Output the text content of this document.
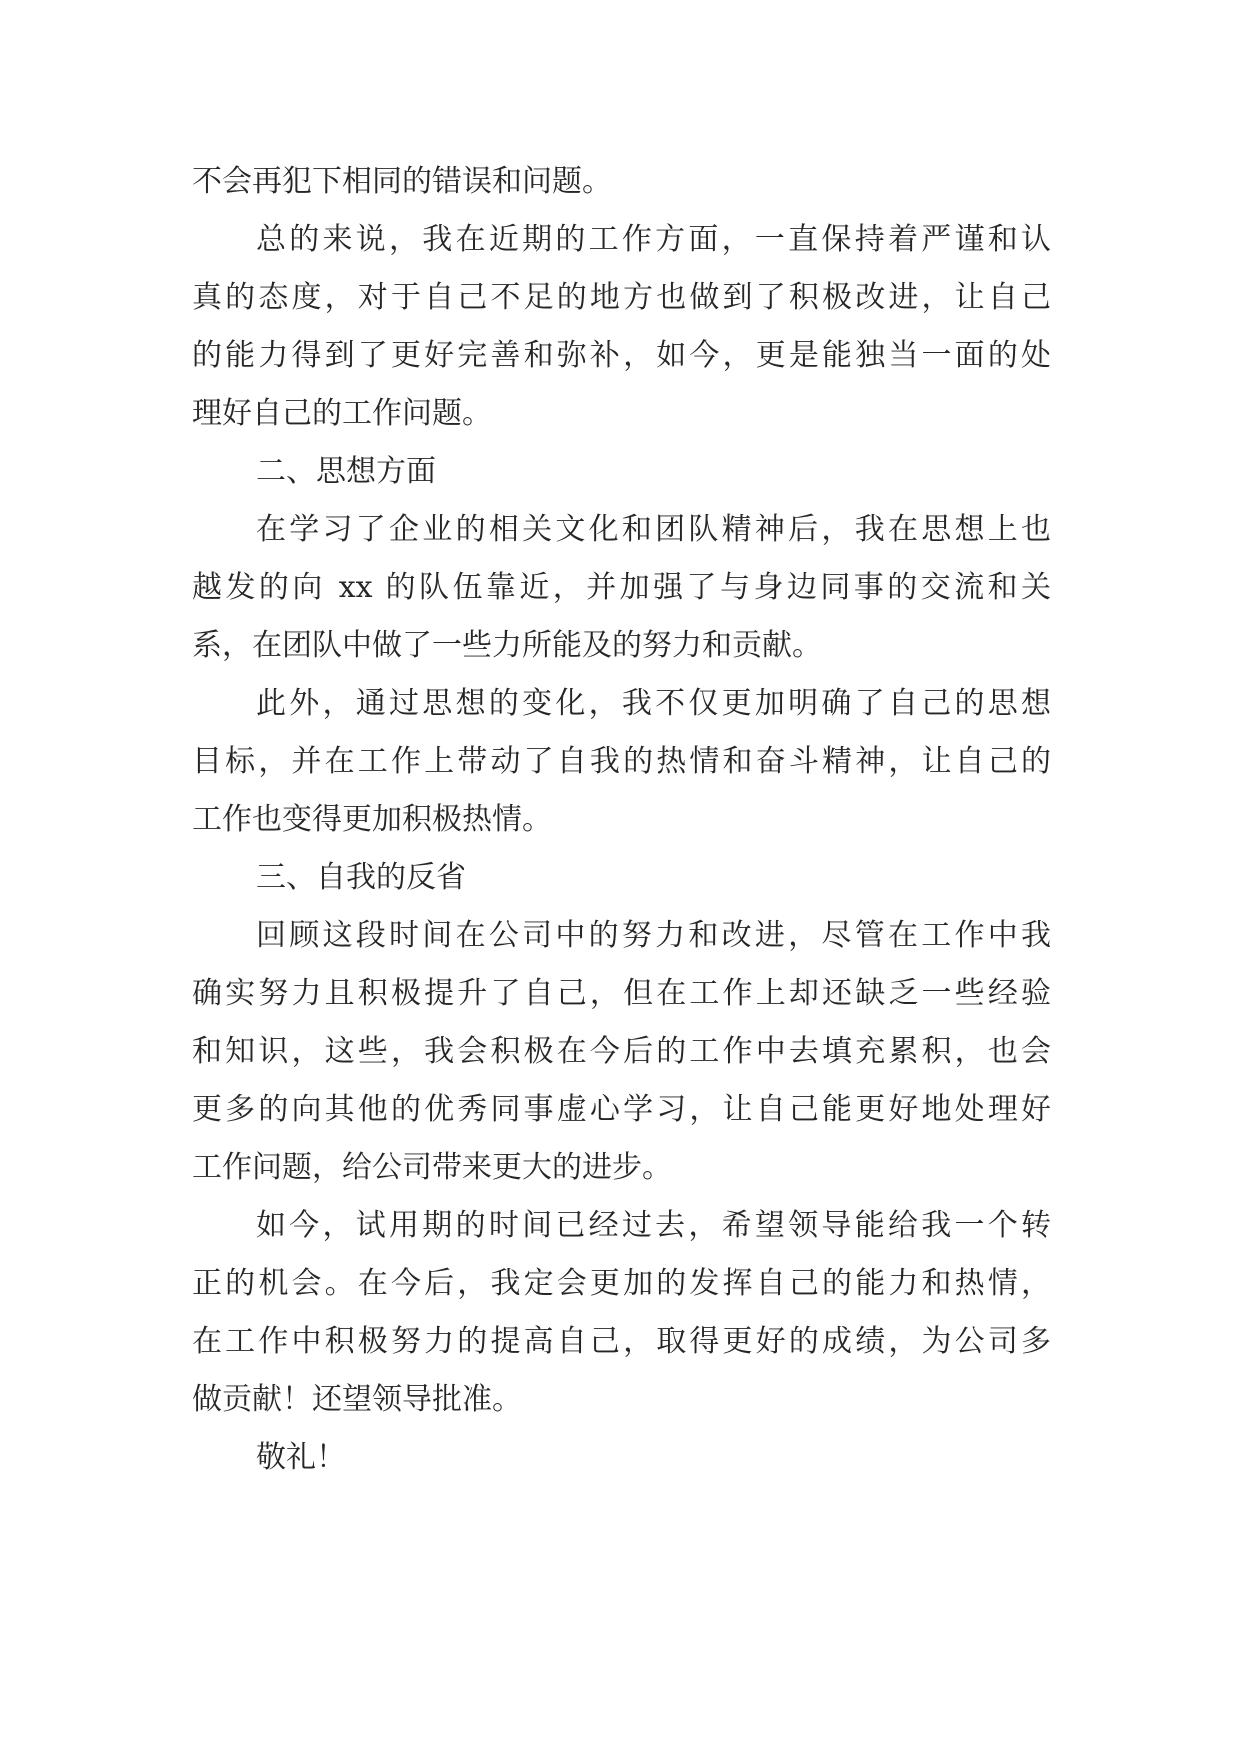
不会再犯下相同的错误和问题。
总的来说，我在近期的工作方面，一直保持着严谨和认
真的态度，对于自己不足的地方也做到了积极改进，让自己
的能力得到了更好完善和弥补，如今，更是能独当一面的处
理好自己的工作问题。
二、思想方面
在学习了企业的相关文化和团队精神后，我在思想上也
越发的向 xx 的队伍靠近，并加强了与身边同事的交流和关
系，在团队中做了一些力所能及的努力和贡献。
此外，通过思想的变化，我不仅更加明确了自己的思想
目标，并在工作上带动了自我的热情和奋斗精神，让自己的
工作也变得更加积极热情。
三、自我的反省
回顾这段时间在公司中的努力和改进，尽管在工作中我
确实努力且积极提升了自己，但在工作上却还缺乏一些经验
和知识，这些，我会积极在今后的工作中去填充累积，也会
更多的向其他的优秀同事虚心学习，让自己能更好地处理好
工作问题，给公司带来更大的进步。
如今，试用期的时间已经过去，希望领导能给我一个转
正的机会。在今后，我定会更加的发挥自己的能力和热情，
在工作中积极努力的提高自己，取得更好的成绩，为公司多
做贡献！还望领导批准。
敬礼！
